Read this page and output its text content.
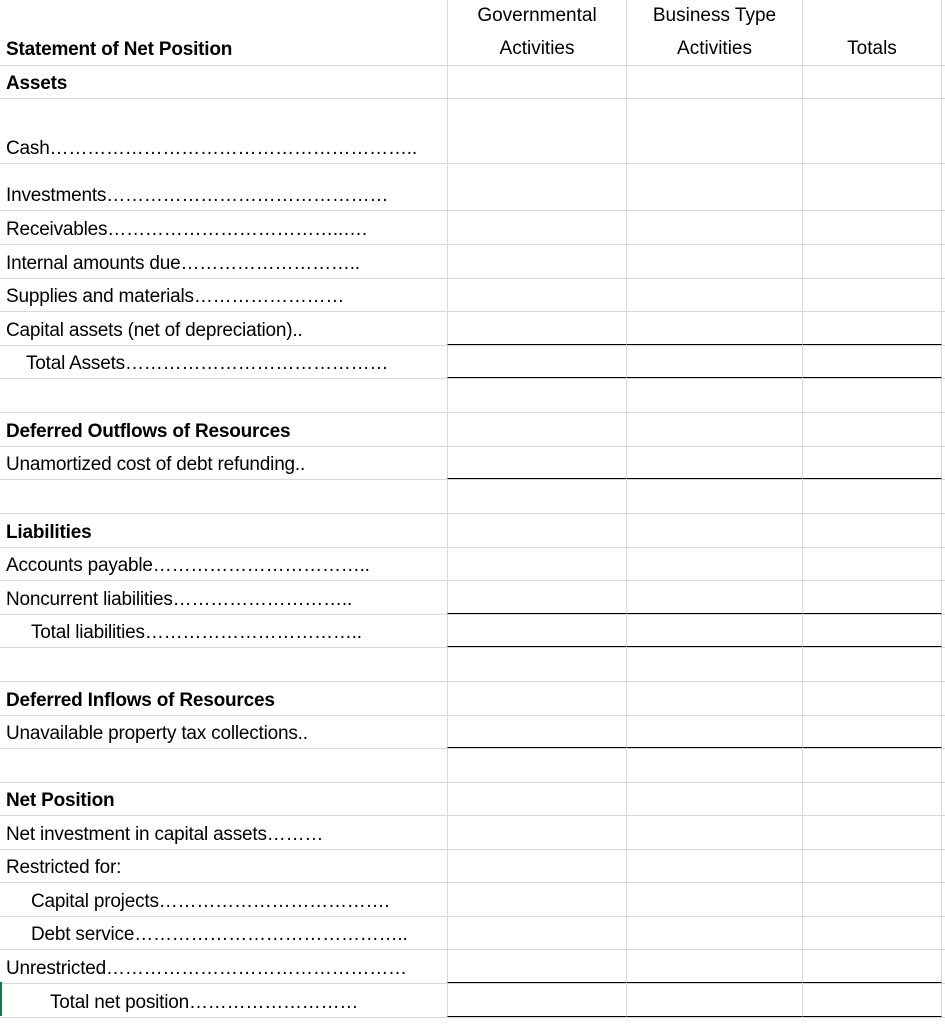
Statement of Net Position
Governmental
Activities
Business Type
Activities	Totals
Assets
Cash…………………………………………………..
Investments………………………………………
Receivables………………………………..….
Internal amounts due………………………..
Supplies and materials……………………
Capital assets (net of depreciation)..
Total Assets……………………………………
Deferred Outflows of Resources
Unamortized cost of debt refunding..
Liabilities
Accounts payable……………………………..
Noncurrent liabilities………………………..
Total liabilities……………………………..
Deferred Inflows of Resources
Unavailable property tax collections..
Net Position
Net investment in capital assets………
Restricted for:
Capital projects……………………………….
Debt service……………………………………..
Unrestricted…………………………………………
Total net position………………………
